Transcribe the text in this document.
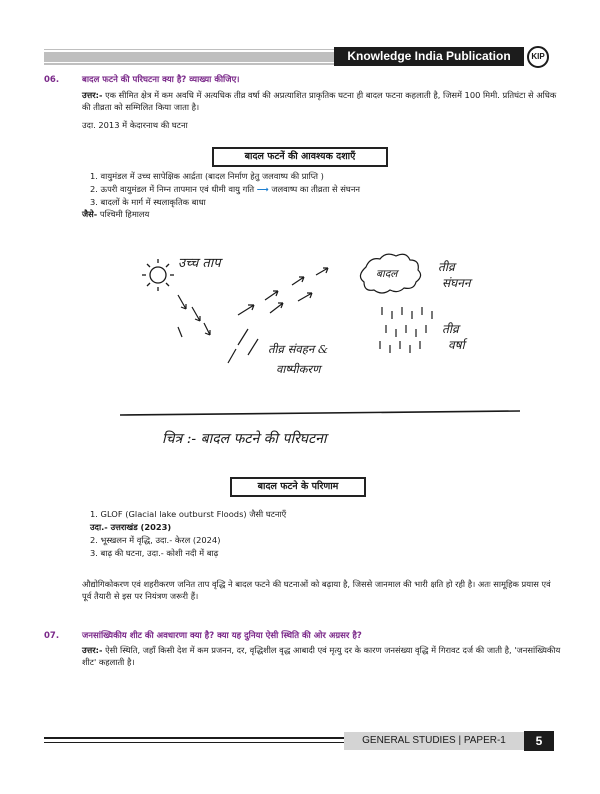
Knowledge India Publication	KIP
06.	बादल फटने की परिघटना क्या है? व्याख्या कीजिए।
उत्तर:- एक सीमित क्षेत्र में कम अवधि में अत्यधिक तीव्र वर्षा की अप्रत्याशित प्राकृतिक घटना ही बादल फटना कहलाती है, जिसमें 100 मिमी. प्रतिघंटा से अधिक की तीव्रता को सम्मिलित किया जाता है।
उदा. 2013 में केदारनाथ की घटना
बादल फटनें की आवश्यक दशाएँ
1. वायुमंडल में उच्च सापेक्षिक आर्द्रता (बादल निर्माण हेतु जलवाष्प की प्राप्ति )
2. ऊपरी वायुमंडल में निम्न तापमान एवं धीमी वायु गति ⟶ जलवाष्प का तीव्रता से संघनन
3. बादलों के मार्ग में स्थलाकृतिक बाधा
जैसे- पश्चिमी हिमालय
उच्च ताप
तीव्र संवहन &
वाष्पीकरण
बादल	तीव्र
संघनन
तीव्र
वर्षा
चित्र :- बादल फटने की परिघटना
बादल फटने के परिणाम
1. GLOF (Glacial lake outburst Floods) जैसी घटनाएँ
उदा.- उत्तराखंड (2023)
2. भूस्खलन में वृद्धि, उदा.- केरल (2024)
3. बाढ़ की घटना, उदा.- कोशी नदी में बाढ़
औद्योगिकोकरण एवं शहरीकरण जनित ताप वृद्धि ने बादल फटने की घटनाओं को बढ़ाया है, जिससे जानमाल की भारी क्षति हो रही है। अतः सामूहिक प्रयास एवं पूर्व तैयारी से इस पर नियंत्रण जरूरी हैं।
07.	जनसांख्यिकीय शीट की अवधारणा क्या है? क्या यह दुनिया ऐसी स्थिति की ओर अग्रसर है?
उत्तर:- ऐसी स्थिति, जहाँ किसी देश में कम प्रजनन, दर, वृद्धिशील वृद्ध आबादी एवं मृत्यु दर के कारण जनसंख्या वृद्धि में गिरावट दर्ज की जाती है, 'जनसांख्यिकीय शीट' कहलाती है।
GENERAL STUDIES | PAPER-1	5
